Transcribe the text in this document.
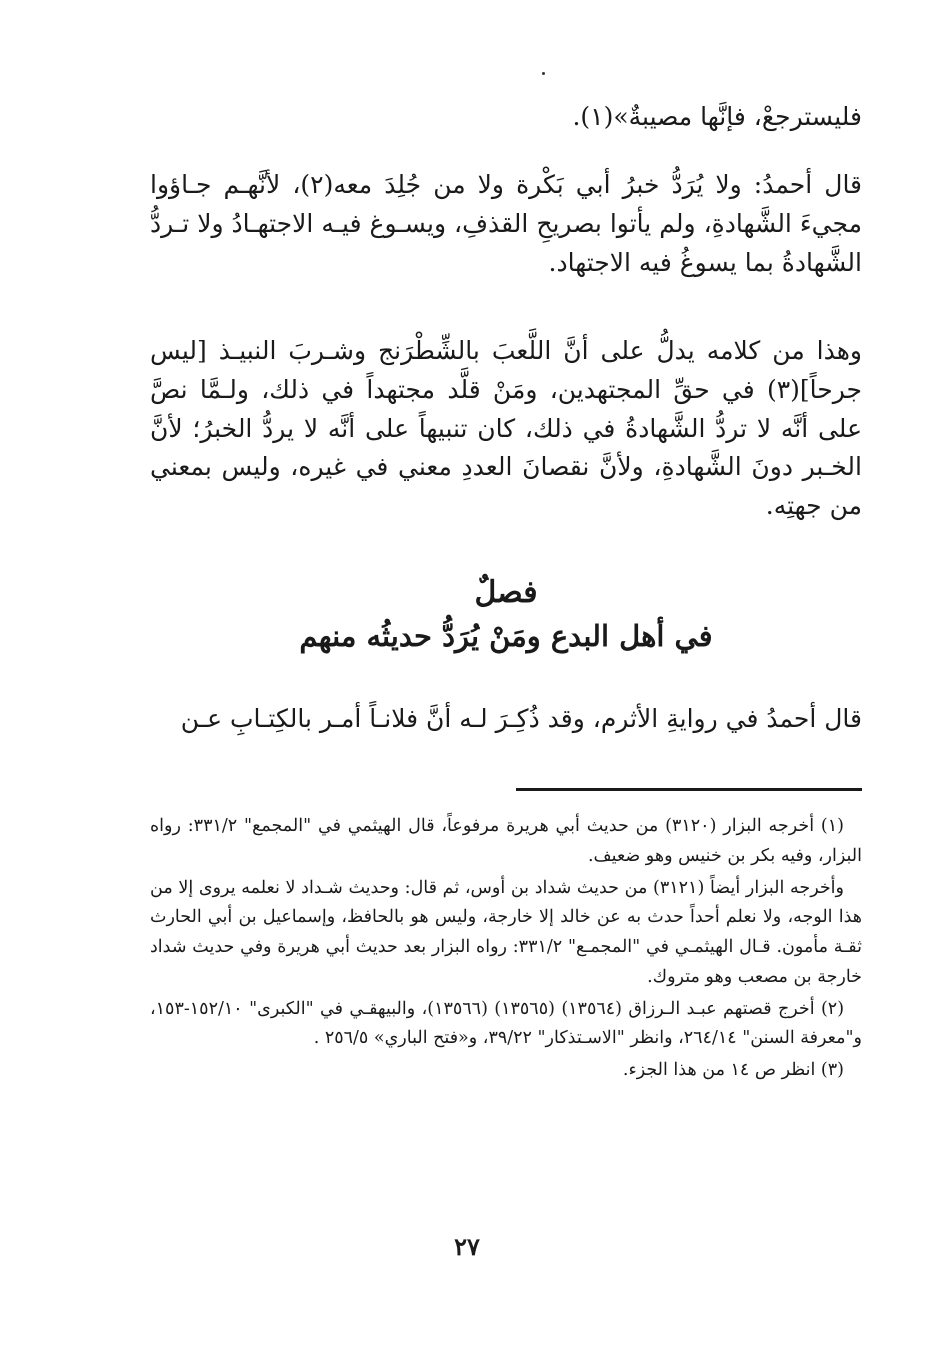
فليسترجعْ، فإنَّها مصيبةٌ»(١).
قال أحمدُ: ولا يُرَدُّ خبرُ أبي بَكْرة ولا من جُلِدَ معه(٢)، لأنَّهـم جـاؤوا مجيءَ الشَّهادةِ، ولم يأتوا بصريحِ القذفِ، ويسـوغ فيـه الاجتهـادُ ولا تـردُّ الشَّهادةُ بما يسوغُ فيه الاجتهاد.
وهذا من كلامه يدلُّ على أنَّ اللَّعبَ بالشِّطْرَنج وشـربَ النبيـذ [ليس جرحاً](٣) في حقِّ المجتهدين، ومَنْ قلَّد مجتهداً في ذلك، ولـمَّا نصَّ على أنَّه لا تردُّ الشَّهادةُ في ذلك، كان تنبيهاً على أنَّه لا يردُّ الخبرُ؛ لأنَّ الخـبر دونَ الشَّهادةِ، ولأنَّ نقصانَ العددِ معني في غيره، وليس بمعني من جهتِه.
فصلٌ
في أهل البدع ومَنْ يُرَدُّ حديثُه منهم
قال أحمدُ في روايةِ الأثرم، وقد ذُكِـرَ لـه أنَّ فلانـاً أمـر بالكِتـابِ عـن

(١) أخرجه البزار (٣١٢٠) من حديث أبي هريرة مرفوعاً، قال الهيثمي في "المجمع" ٣٣١/٢: رواه البزار، وفيه بكر بن خنيس وهو ضعيف.

وأخرجه البزار أيضاً (٣١٢١) من حديث شداد بن أوس، ثم قال: وحديث شـداد لا نعلمه يروى إلا من هذا الوجه، ولا نعلم أحداً حدث به عن خالد إلا خارجة، وليس هو بالحافظ، وإسماعيل بن أبي الحارث ثقـة مأمون. قـال الهيثمـي في "المجمـع" ٣٣١/٢: رواه البزار بعد حديث أبي هريرة وفي حديث شداد خارجة بن مصعب وهو متروك.

(٢) أخرج قصتهم عبـد الـرزاق (١٣٥٦٤) (١٣٥٦٥) (١٣٥٦٦)، والبيهقـي في "الكبرى" ١٥٢/١٠-١٥٣، و"معرفة السنن" ٢٦٤/١٤، وانظر "الاسـتذكار" ٣٩/٢٢، و«فتح الباري» ٢٥٦/٥ .

(٣) انظر ص ١٤ من هذا الجزء.

٢٧
